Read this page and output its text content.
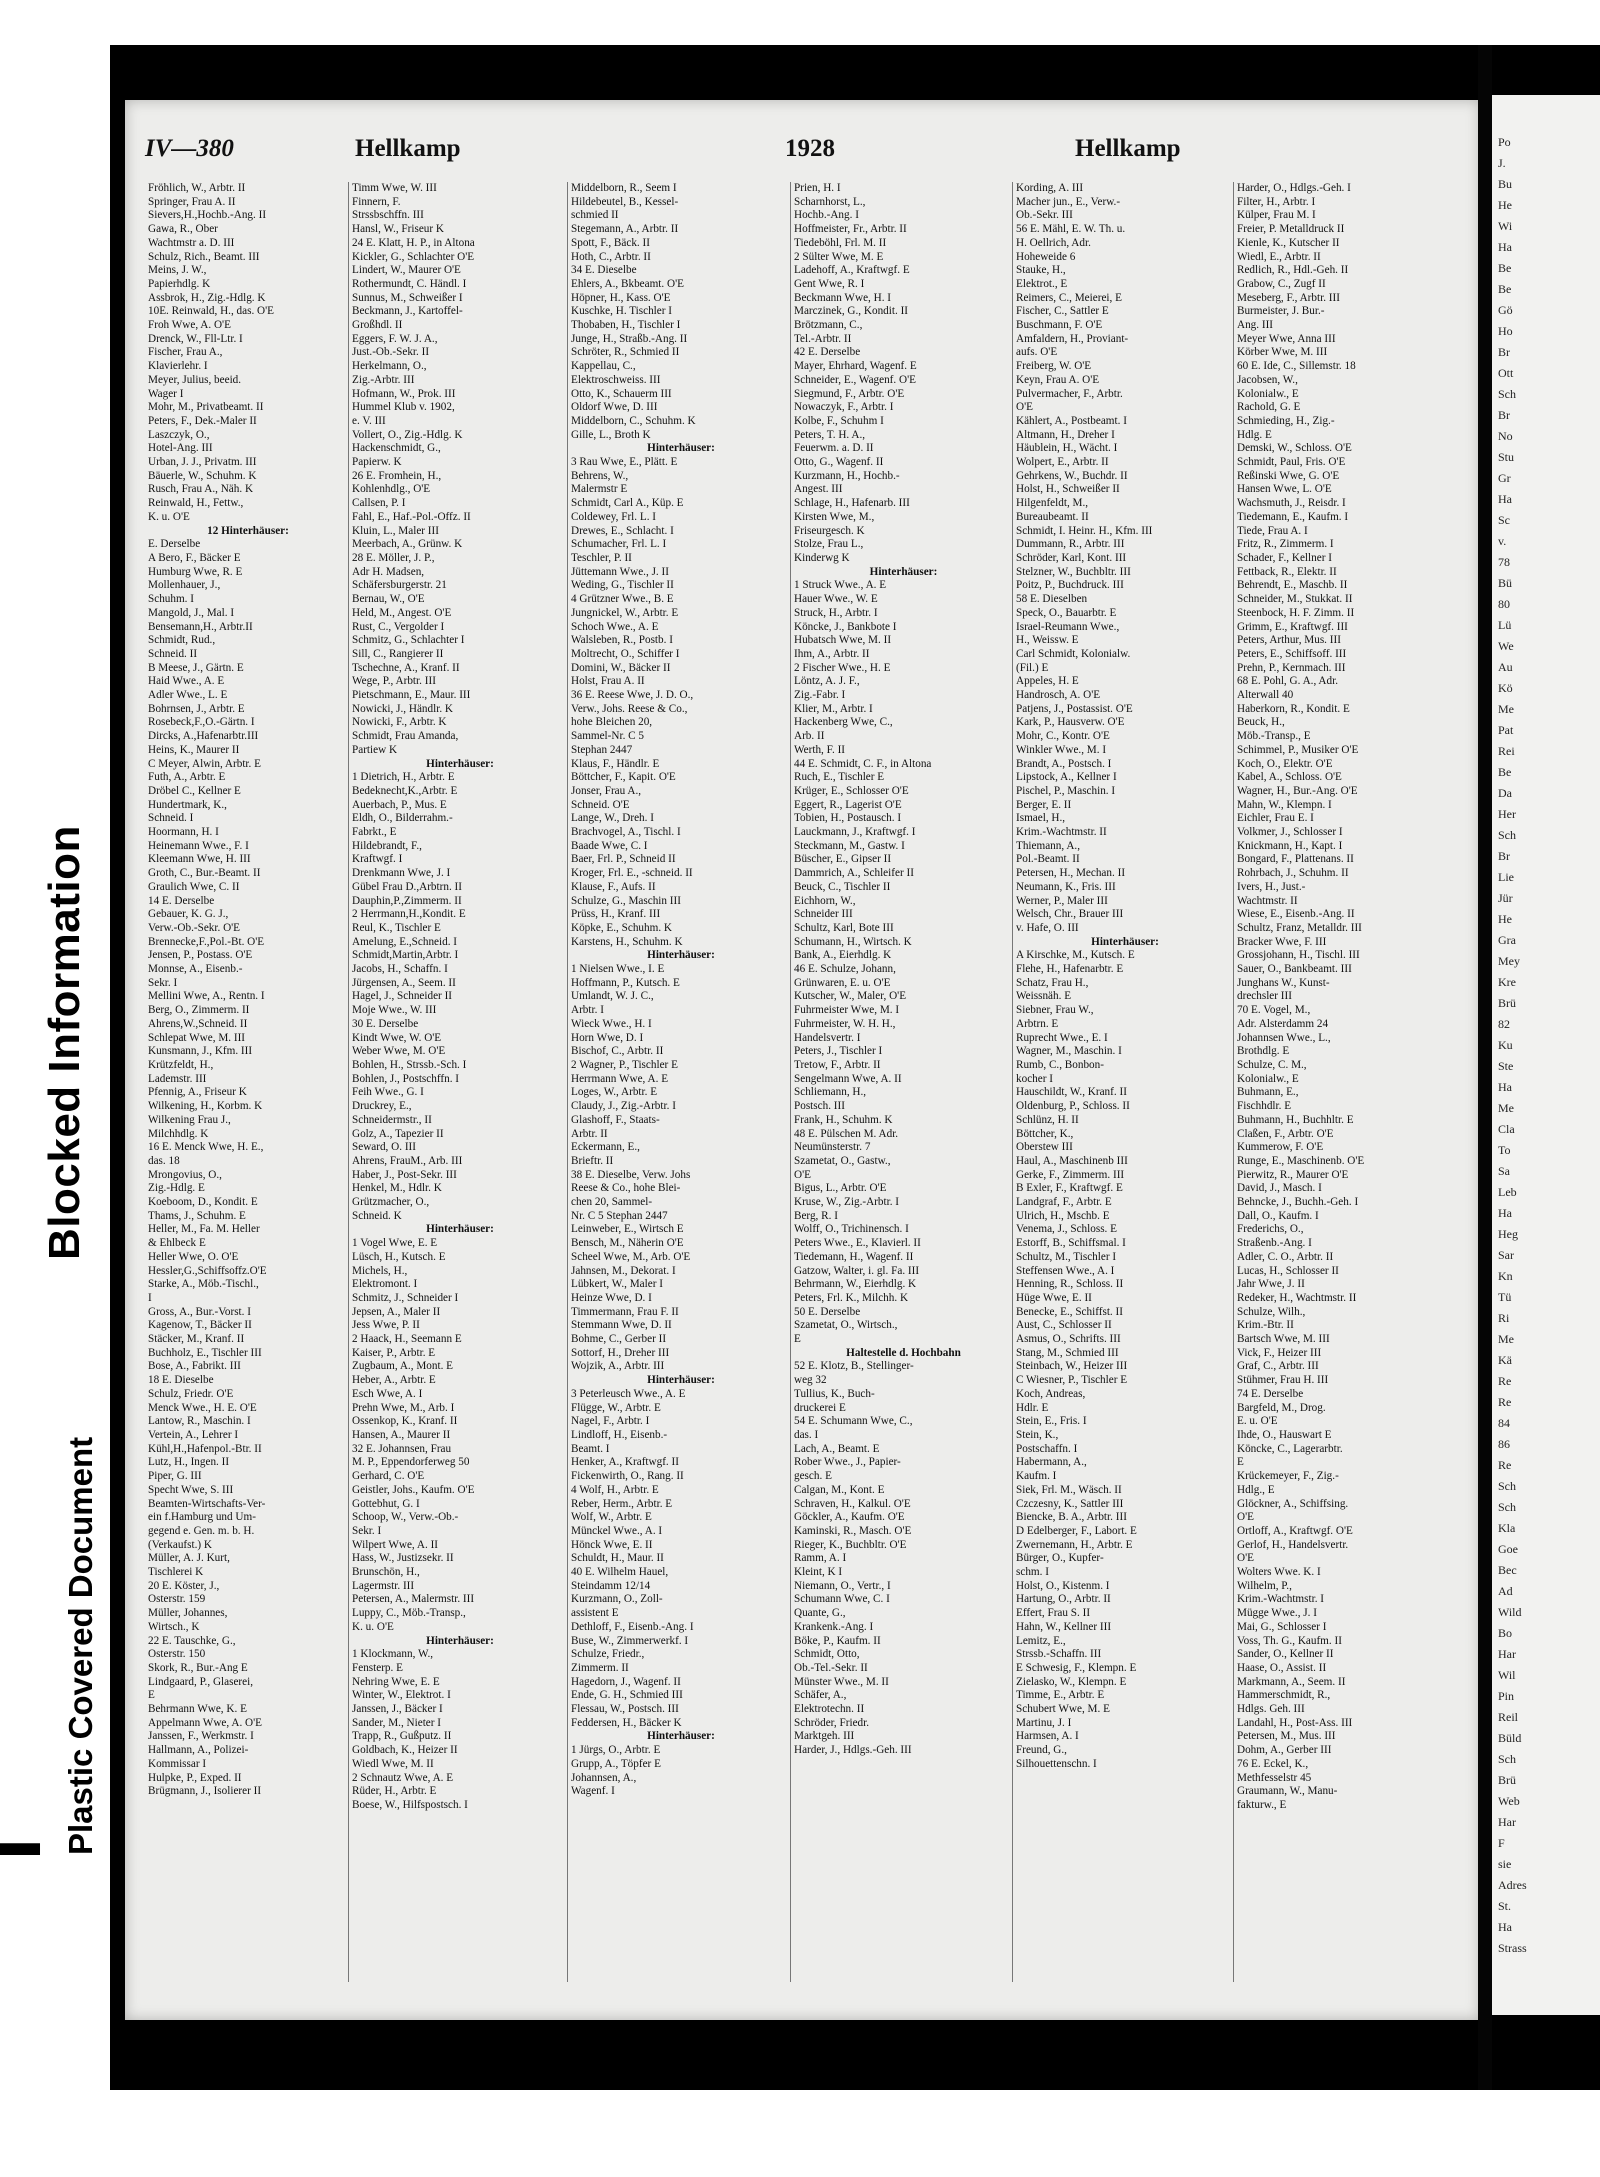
▌
Blocked Information
Plastic Covered Document
IV—380	Hellkamp	1928	Hellkamp
Fröhlich, W., Arbtr. II
Springer, Frau A. II
Sievers,H.,Hochb.-Ang. II
Gawa, R., Ober
Wachtmstr a. D. III
Schulz, Rich., Beamt. III
Meins, J. W.,
Papierhdlg. K
Assbrok, H., Zig.-Hdlg. K
10E. Reinwald, H., das. O'E
Froh Wwe, A. O'E
Drenck, W., Fll-Ltr. I
Fischer, Frau A.,
Klavierlehr. I
Meyer, Julius, beeid.
Wager I
Mohr, M., Privatbeamt. II
Peters, F., Dek.-Maler II
Laszczyk, O.,
Hotel-Ang. III
Urban, J. J., Privatm. III
Bäuerle, W., Schuhm. K
Rusch, Frau A., Näh. K
Reinwald, H., Fettw.,
K. u. O'E
12 Hinterhäuser:
E. Derselbe
A Bero, F., Bäcker E
Humburg Wwe, R. E
Mollenhauer, J.,
Schuhm. I
Mangold, J., Mal. I
Bensemann,H., Arbtr.II
Schmidt, Rud.,
Schneid. II
B Meese, J., Gärtn. E
Haid Wwe., A. E
Adler Wwe., L. E
Bohrnsen, J., Arbtr. E
Rosebeck,F.,O.-Gärtn. I
Dircks, A.,Hafenarbtr.III
Heins, K., Maurer II
C Meyer, Alwin, Arbtr. E
Futh, A., Arbtr. E
Dröbel C., Kellner E
Hundertmark, K.,
Schneid. I
Hoormann, H. I
Heinemann Wwe., F. I
Kleemann Wwe, H. III
Groth, C., Bur.-Beamt. II
Graulich Wwe, C. II
14 E. Derselbe
Gebauer, K. G. J.,
Verw.-Ob.-Sekr. O'E
Brennecke,F.,Pol.-Bt. O'E
Jensen, P., Postass. O'E
Monnse, A., Eisenb.-
Sekr. I
Mellini Wwe, A., Rentn. I
Berg, O., Zimmerm. II
Ahrens,W.,Schneid. II
Schlepat Wwe, M. III
Kunsmann, J., Kfm. III
Krützfeldt, H.,
Lademstr. III
Pfennig, A., Friseur K
Wilkening, H., Korbm. K
Wilkening Frau J.,
Milchhdlg. K
16 E. Menck Wwe, H. E.,
das. 18
Mrongovius, O.,
Zig.-Hdlg. E
Koeboom, D., Kondit. E
Thams, J., Schuhm. E
Heller, M., Fa. M. Heller
& Ehlbeck E
Heller Wwe, O. O'E
Hessler,G.,Schiffsoffz.O'E
Starke, A., Möb.-Tischl.,
I
Gross, A., Bur.-Vorst. I
Kagenow, T., Bäcker II
Stäcker, M., Kranf. II
Buchholz, E., Tischler III
Bose, A., Fabrikt. III
18 E. Dieselbe
Schulz, Friedr. O'E
Menck Wwe., H. E. O'E
Lantow, R., Maschin. I
Vertein, A., Lehrer I
Kühl,H.,Hafenpol.-Btr. II
Lutz, H., Ingen. II
Piper, G. III
Specht Wwe, S. III
Beamten-Wirtschafts-Ver-
ein f.Hamburg und Um-
gegend e. Gen. m. b. H.
(Verkaufst.) K
Müller, A. J. Kurt,
Tischlerei K
20 E. Köster, J.,
Osterstr. 159
Müller, Johannes,
Wirtsch., K
22 E. Tauschke, G.,
Osterstr. 150
Skork, R., Bur.-Ang E
Lindgaard, P., Glaserei,
E
Behrmann Wwe, K. E
Appelmann Wwe, A. O'E
Janssen, F., Werkmstr. I
Hallmann, A., Polizei-
Kommissar I
Hulpke, P., Exped. II
Brügmann, J., Isolierer II
Timm Wwe, W. III
Finnern, F.
Strssbschffn. III
Hansl, W., Friseur K
24 E. Klatt, H. P., in Altona
Kickler, G., Schlachter O'E
Lindert, W., Maurer O'E
Rothermundt, C. Händl. I
Sunnus, M., Schweißer I
Beckmann, J., Kartoffel-
Großhdl. II
Eggers, F. W. J. A.,
Just.-Ob.-Sekr. II
Herkelmann, O.,
Zig.-Arbtr. III
Hofmann, W., Prok. III
Hummel Klub v. 1902,
e. V. III
Vollert, O., Zig.-Hdlg. K
Hackenschmidt, G.,
Papierw. K
26 E. Fromhein, H.,
Kohlenhdlg., O'E
Callsen, P. I
Fahl, E., Haf.-Pol.-Offz. II
Kluin, L., Maler III
Meerbach, A., Grünw. K
28 E. Möller, J. P.,
Adr H. Madsen,
Schäfersburgerstr. 21
Bernau, W., O'E
Held, M., Angest. O'E
Rust, C., Vergolder I
Schmitz, G., Schlachter I
Sill, C., Rangierer II
Tschechne, A., Kranf. II
Wege, P., Arbtr. III
Pietschmann, E., Maur. III
Nowicki, J., Händlr. K
Nowicki, F., Arbtr. K
Schmidt, Frau Amanda,
Partiew K
Hinterhäuser:
1 Dietrich, H., Arbtr. E
Bedeknecht,K.,Arbtr. E
Auerbach, P., Mus. E
Eldh, O., Bilderrahm.-
Fabrkt., E
Hildebrandt, F.,
Kraftwgf. I
Drenkmann Wwe, J. I
Gübel Frau D.,Arbtrn. II
Dauphin,P.,Zimmerm. II
2 Herrmann,H.,Kondit. E
Reul, K., Tischler E
Amelung, E.,Schneid. I
Schmidt,Martin,Arbtr. I
Jacobs, H., Schaffn. I
Jürgensen, A., Seem. II
Hagel, J., Schneider II
Moje Wwe., W. III
30 E. Derselbe
Kindt Wwe, W. O'E
Weber Wwe, M. O'E
Bohlen, H., Strssb.-Sch. I
Bohlen, J., Postschffn. I
Feih Wwe., G. I
Druckrey, E.,
Schneidermstr., II
Golz, A., Tapezier II
Seward, O. III
Ahrens, FrauM., Arb. III
Haber, J., Post-Sekr. III
Henkel, M., Hdlr. K
Grützmacher, O.,
Schneid. K
Hinterhäuser:
1 Vogel Wwe, E. E
Lüsch, H., Kutsch. E
Michels, H.,
Elektromont. I
Schmitz, J., Schneider I
Jepsen, A., Maler II
Jess Wwe, P. II
2 Haack, H., Seemann E
Kaiser, P., Arbtr. E
Zugbaum, A., Mont. E
Heber, A., Arbtr. E
Esch Wwe, A. I
Prehn Wwe, M., Arb. I
Ossenkop, K., Kranf. II
Hansen, A., Maurer II
32 E. Johannsen, Frau
M. P., Eppendorferweg 50
Gerhard, C. O'E
Geistler, Johs., Kaufm. O'E
Gottebhut, G. I
Schoop, W., Verw.-Ob.-
Sekr. I
Wilpert Wwe, A. II
Hass, W., Justizsekr. II
Brunschön, H.,
Lagermstr. III
Petersen, A., Malermstr. III
Luppy, C., Möb.-Transp.,
K. u. O'E
Hinterhäuser:
1 Klockmann, W.,
Fensterp. E
Nehring Wwe, E. E
Winter, W., Elektrot. I
Janssen, J., Bäcker I
Sander, M., Nieter I
Trapp, R., Gußputz. II
Goldbach, K., Heizer II
Wiedl Wwe, M. II
2 Schnautz Wwe, A. E
Rüder, H., Arbtr. E
Boese, W., Hilfspostsch. I
Middelborn, R., Seem I
Hildebeutel, B., Kessel-
schmied II
Stegemann, A., Arbtr. II
Spott, F., Bäck. II
Hoth, C., Arbtr. II
34 E. Dieselbe
Ehlers, A., Bkbeamt. O'E
Höpner, H., Kass. O'E
Kuschke, H. Tischler I
Thobaben, H., Tischler I
Junge, H., Straßb.-Ang. II
Schröter, R., Schmied II
Kappellau, C.,
Elektroschweiss. III
Otto, K., Schauerm III
Oldorf Wwe, D. III
Middelborn, C., Schuhm. K
Gille, L., Broth K
Hinterhäuser:
3 Rau Wwe, E., Plätt. E
Behrens, W.,
Malermstr E
Schmidt, Carl A., Küp. E
Coldewey, Frl. L. I
Drewes, E., Schlacht. I
Schumacher, Frl. L. I
Teschler, P. II
Jüttemann Wwe., J. II
Weding, G., Tischler II
4 Grützner Wwe., B. E
Jungnickel, W., Arbtr. E
Schoch Wwe., A. E
Walsleben, R., Postb. I
Moltrecht, O., Schiffer I
Domini, W., Bäcker II
Holst, Frau A. II
36 E. Reese Wwe, J. D. O.,
Verw., Johs. Reese & Co.,
hohe Bleichen 20,
Sammel-Nr. C 5
Stephan 2447
Klaus, F., Händlr. E
Böttcher, F., Kapit. O'E
Jonser, Frau A.,
Schneid. O'E
Lange, W., Dreh. I
Brachvogel, A., Tischl. I
Baade Wwe, C. I
Baer, Frl. P., Schneid II
Kroger, Frl. E., -schneid. II
Klause, F., Aufs. II
Schulze, G., Maschin III
Prüss, H., Kranf. III
Köpke, E., Schuhm. K
Karstens, H., Schuhm. K
Hinterhäuser:
1 Nielsen Wwe., I. E
Hoffmann, P., Kutsch. E
Umlandt, W. J. C.,
Arbtr. I
Wieck Wwe., H. I
Horn Wwe, D. I
Bischof, C., Arbtr. II
2 Wagner, P., Tischler E
Herrmann Wwe, A. E
Loges, W., Arbtr. E
Claudy, J., Zig.-Arbtr. I
Glashoff, F., Staats-
Arbtr. II
Eckermann, E.,
Brieftr. II
38 E. Dieselbe, Verw. Johs
Reese & Co., hohe Blei-
chen 20, Sammel-
Nr. C 5 Stephan 2447
Leinweber, E., Wirtsch E
Bensch, M., Näherin O'E
Scheel Wwe, M., Arb. O'E
Jahnsen, M., Dekorat. I
Lübkert, W., Maler I
Heinze Wwe, D. I
Timmermann, Frau F. II
Stemmann Wwe, D. II
Bohme, C., Gerber II
Sottorf, H., Dreher III
Wojzik, A., Arbtr. III
Hinterhäuser:
3 Peterleusch Wwe., A. E
Flügge, W., Arbtr. E
Nagel, F., Arbtr. I
Lindloff, H., Eisenb.-
Beamt. I
Henker, A., Kraftwgf. II
Fickenwirth, O., Rang. II
4 Wolf, H., Arbtr. E
Reber, Herm., Arbtr. E
Wolf, W., Arbtr. E
Münckel Wwe., A. I
Hönck Wwe, E. II
Schuldt, H., Maur. II
40 E. Wilhelm Hauel,
Steindamm 12/14
Kurzmann, O., Zoll-
assistent E
Dethloff, F., Eisenb.-Ang. I
Buse, W., Zimmerwerkf. I
Schulze, Friedr.,
Zimmerm. II
Hagedorn, J., Wagenf. II
Ende, G. H., Schmied III
Flessau, W., Postsch. III
Feddersen, H., Bäcker K
Hinterhäuser:
1 Jürgs, O., Arbtr. E
Grupp, A., Töpfer E
Johannsen, A.,
Wagenf. I
Prien, H. I
Scharnhorst, L.,
Hochb.-Ang. I
Hoffmeister, Fr., Arbtr. II
Tiedeböhl, Frl. M. II
2 Sülter Wwe, M. E
Ladehoff, A., Kraftwgf. E
Gent Wwe, R. I
Beckmann Wwe, H. I
Marczinek, G., Kondit. II
Brötzmann, C.,
Tel.-Arbtr. II
42 E. Derselbe
Mayer, Ehrhard, Wagenf. E
Schneider, E., Wagenf. O'E
Siegmund, F., Arbtr. O'E
Nowaczyk, F., Arbtr. I
Kolbe, F., Schuhm I
Peters, T. H. A.,
Feuerwm. a. D. II
Otto, G., Wagenf. II
Kurzmann, H., Hochb.-
Angest. III
Schlage, H., Hafenarb. III
Kirsten Wwe, M.,
Friseurgesch. K
Stolze, Frau L.,
Kinderwg K
Hinterhäuser:
1 Struck Wwe., A. E
Hauer Wwe., W. E
Struck, H., Arbtr. I
Köncke, J., Bankbote I
Hubatsch Wwe, M. II
Ihm, A., Arbtr. II
2 Fischer Wwe., H. E
Löntz, A. J. F.,
Zig.-Fabr. I
Klier, M., Arbtr. I
Hackenberg Wwe, C.,
Arb. II
Werth, F. II
44 E. Schmidt, C. F., in Altona
Ruch, E., Tischler E
Krüger, E., Schlosser O'E
Eggert, R., Lagerist O'E
Tobien, H., Postausch. I
Lauckmann, J., Kraftwgf. I
Steckmann, M., Gastw. I
Büscher, E., Gipser II
Dammrich, A., Schleifer II
Beuck, C., Tischler II
Eichhorn, W.,
Schneider III
Schultz, Karl, Bote III
Schumann, H., Wirtsch. K
Bank, A., Eierhdlg. K
46 E. Schulze, Johann,
Grünwaren, E. u. O'E
Kutscher, W., Maler, O'E
Fuhrmeister Wwe, M. I
Fuhrmeister, W. H. H.,
Handelsvertr. I
Peters, J., Tischler I
Tretow, F., Arbtr. II
Sengelmann Wwe, A. II
Schliemann, H.,
Postsch. III
Frank, H., Schuhm. K
48 E. Pülschen M. Adr.
Neumünsterstr. 7
Szametat, O., Gastw.,
O'E
Bigus, L., Arbtr. O'E
Kruse, W., Zig.-Arbtr. I
Berg, R. I
Wolff, O., Trichinensch. I
Peters Wwe., E., Klavierl. II
Tiedemann, H., Wagenf. II
Gatzow, Walter, i. gl. Fa. III
Behrmann, W., Eierhdlg. K
Peters, Frl. K., Milchh. K
50 E. Derselbe
Szametat, O., Wirtsch.,
E
Haltestelle d. Hochbahn
52 E. Klotz, B., Stellinger-
weg 32
Tullius, K., Buch-
druckerei E
54 E. Schumann Wwe, C.,
das. I
Lach, A., Beamt. E
Rober Wwe., J., Papier-
gesch. E
Calgan, M., Kont. E
Schraven, H., Kalkul. O'E
Göckler, A., Kaufm. O'E
Kaminski, R., Masch. O'E
Rieger, K., Buchbltr. O'E
Ramm, A. I
Kleint, K I
Niemann, O., Vertr., I
Schumann Wwe, C. I
Quante, G.,
Krankenk.-Ang. I
Böke, P., Kaufm. II
Schmidt, Otto,
Ob.-Tel.-Sekr. II
Münster Wwe., M. II
Schäfer, A.,
Elektrotechn. II
Schröder, Friedr.
Marktgeh. III
Harder, J., Hdlgs.-Geh. III
Kording, A. III
Macher jun., E., Verw.-
Ob.-Sekr. III
56 E. Mähl, E. W. Th. u.
H. Oellrich, Adr.
Hoheweide 6
Stauke, H.,
Elektrot., E
Reimers, C., Meierei, E
Fischer, C., Sattler E
Buschmann, F. O'E
Amfaldern, H., Proviant-
aufs. O'E
Freiberg, W. O'E
Keyn, Frau A. O'E
Pulvermacher, F., Arbtr.
O'E
Kählert, A., Postbeamt. I
Altmann, H., Dreher I
Häublein, H., Wächt. I
Wolpert, E., Arbtr. II
Gehrkens, W., Buchdr. II
Holst, H., Schweißer II
Hilgenfeldt, M.,
Bureaubeamt. II
Schmidt, I. Heinr. H., Kfm. III
Dummann, R., Arbtr. III
Schröder, Karl, Kont. III
Stelzner, W., Buchbltr. III
Poitz, P., Buchdruck. III
58 E. Dieselben
Speck, O., Bauarbtr. E
Israel-Reumann Wwe.,
H., Weissw. E
Carl Schmidt, Kolonialw.
(Fil.) E
Appeles, H. E
Handrosch, A. O'E
Patjens, J., Postassist. O'E
Kark, P., Hausverw. O'E
Mohr, C., Kontr. O'E
Winkler Wwe., M. I
Brandt, A., Postsch. I
Lipstock, A., Kellner I
Pischel, P., Maschin. I
Berger, E. II
Ismael, H.,
Krim.-Wachtmstr. II
Thiemann, A.,
Pol.-Beamt. II
Petersen, H., Mechan. II
Neumann, K., Fris. III
Werner, P., Maler III
Welsch, Chr., Brauer III
v. Hafe, O. III
Hinterhäuser:
A Kirschke, M., Kutsch. E
Flehe, H., Hafenarbtr. E
Schatz, Frau H.,
Weissnäh. E
Siebner, Frau W.,
Arbtrn. E
Ruprecht Wwe., E. I
Wagner, M., Maschin. I
Rumb, C., Bonbon-
kocher I
Hauschildt, W., Kranf. II
Oldenburg, P., Schloss. II
Schlünz, H. II
Böttcher, K.,
Oberstew III
Haul, A., Maschinenb III
Gerke, F., Zimmerm. III
B Exler, F., Kraftwgf. E
Landgraf, F., Arbtr. E
Ulrich, H., Mschb. E
Venema, J., Schloss. E
Estorff, B., Schiffsmal. I
Schultz, M., Tischler I
Steffensen Wwe., A. I
Henning, R., Schloss. II
Hüge Wwe, E. II
Benecke, E., Schiffst. II
Aust, C., Schlosser II
Asmus, O., Schrifts. III
Stang, M., Schmied III
Steinbach, W., Heizer III
C Wiesner, P., Tischler E
Koch, Andreas,
Hdlr. E
Stein, E., Fris. I
Stein, K.,
Postschaffn. I
Habermann, A.,
Kaufm. I
Siek, Frl. M., Wäsch. II
Czczesny, K., Sattler III
Biencke, B. A., Arbtr. III
D Edelberger, F., Labort. E
Zwernemann, H., Arbtr. E
Bürger, O., Kupfer-
schm. I
Holst, O., Kistenm. I
Hartung, O., Arbtr. II
Effert, Frau S. II
Hahn, W., Kellner III
Lemitz, E.,
Strssb.-Schaffn. III
E Schwesig, F., Klempn. E
Zielasko, W., Klempn. E
Timme, E., Arbtr. E
Schubert Wwe, M. E
Martinu, J. I
Harmsen, A. I
Freund, G.,
Silhouettenschn. I
Harder, O., Hdlgs.-Geh. I
Filter, H., Arbtr. I
Külper, Frau M. I
Freier, P. Metalldruck II
Kienle, K., Kutscher II
Wiedl, E., Arbtr. II
Redlich, R., Hdl.-Geh. II
Grabow, C., Zugf II
Meseberg, F., Arbtr. III
Burmeister, J. Bur.-
Ang. III
Meyer Wwe, Anna III
Körber Wwe, M. III
60 E. Ide, C., Sillemstr. 18
Jacobsen, W.,
Kolonialw., E
Rachold, G. E
Schmieding, H., Zig.-
Hdlg. E
Demski, W., Schloss. O'E
Schmidt, Paul, Fris. O'E
Reßinski Wwe, G. O'E
Hansen Wwe, L. O'E
Wachsmuth, J., Reisdr. I
Tiedemann, E., Kaufm. I
Tiede, Frau A. I
Fritz, R., Zimmerm. I
Schader, F., Kellner I
Fettback, R., Elektr. II
Behrendt, E., Maschb. II
Schneider, M., Stukkat. II
Steenbock, H. F. Zimm. II
Grimm, E., Kraftwgf. III
Peters, Arthur, Mus. III
Peters, E., Schiffsoff. III
Prehn, P., Kernmach. III
68 E. Pohl, G. A., Adr.
Alterwall 40
Haberkorn, R., Kondit. E
Beuck, H.,
Möb.-Transp., E
Schimmel, P., Musiker O'E
Koch, O., Elektr. O'E
Kabel, A., Schloss. O'E
Wagner, H., Bur.-Ang. O'E
Mahn, W., Klempn. I
Eichler, Frau E. I
Volkmer, J., Schlosser I
Knickmann, H., Kapt. I
Bongard, F., Plattenans. II
Rohrbach, J., Schuhm. II
Ivers, H., Just.-
Wachtmstr. II
Wiese, E., Eisenb.-Ang. II
Schultz, Franz, Metalldr. III
Bracker Wwe, F. III
Grossjohann, H., Tischl. III
Sauer, O., Bankbeamt. III
Junghans W., Kunst-
drechsler III
70 E. Vogel, M.,
Adr. Alsterdamm 24
Johannsen Wwe., L.,
Brothdlg. E
Schulze, C. M.,
Kolonialw., E
Buhmann, E.,
Fischhdlr. E
Buhmann, H., Buchhltr. E
Claßen, F., Arbtr. O'E
Kummerow, F. O'E
Runge, E., Maschinenb. O'E
Pierwitz, R., Maurer O'E
David, J., Masch. I
Behncke, J., Buchh.-Geh. I
Dall, O., Kaufm. I
Frederichs, O.,
Straßenb.-Ang. I
Adler, C. O., Arbtr. II
Lucas, H., Schlosser II
Jahr Wwe, J. II
Redeker, H., Wachtmstr. II
Schulze, Wilh.,
Krim.-Btr. II
Bartsch Wwe, M. III
Vick, F., Heizer III
Graf, C., Arbtr. III
Stühmer, Frau H. III
74 E. Derselbe
Bargfeld, M., Drog.
E. u. O'E
Ihde, O., Hauswart E
Köncke, C., Lagerarbtr.
E
Krückemeyer, F., Zig.-
Hdlg., E
Glöckner, A., Schiffsing.
O'E
Ortloff, A., Kraftwgf. O'E
Gerlof, H., Handelsvertr.
O'E
Wolters Wwe. K. I
Wilhelm, P.,
Krim.-Wachtmstr. I
Mügge Wwe., J. I
Mai, G., Schlosser I
Voss, Th. G., Kaufm. II
Sander, O., Kellner II
Haase, O., Assist. II
Markmann, A., Seem. II
Hammerschmidt, R.,
Hdlgs. Geh. III
Landahl, H., Post-Ass. III
Petersen, M., Mus. III
Dohm, A., Gerber III
76 E. Eckel, K.,
Methfesselstr 45
Graumann, W., Manu-
fakturw., E
Po
J.
Bu
He
Wi
Ha
Be
Be
Gö
Ho
Br
Ott
Sch
Br
No
Stu
Gr
Ha
Sc
v.
78
Bü
80
Lü
We
Au
Kö
Me
Pat
Rei
Be
Da
Her
Sch
Br
Lie
Jür
He
Gra
Mey
Kre
Brü
82
Ku
Ste
Ha
Me
Cla
To
Sa
Leb
Ha
Heg
Sar
Kn
Tü
Ri
Me
Kä
Re
Re
84
86
Re
Sch
Sch
Kla
Goe
Bec
Ad
Wild
Bo
Har
Wil
Pin
Reil
Büld
Sch
Brü
Web
Har
F
sie
Adres
St.
Ha
Strass
